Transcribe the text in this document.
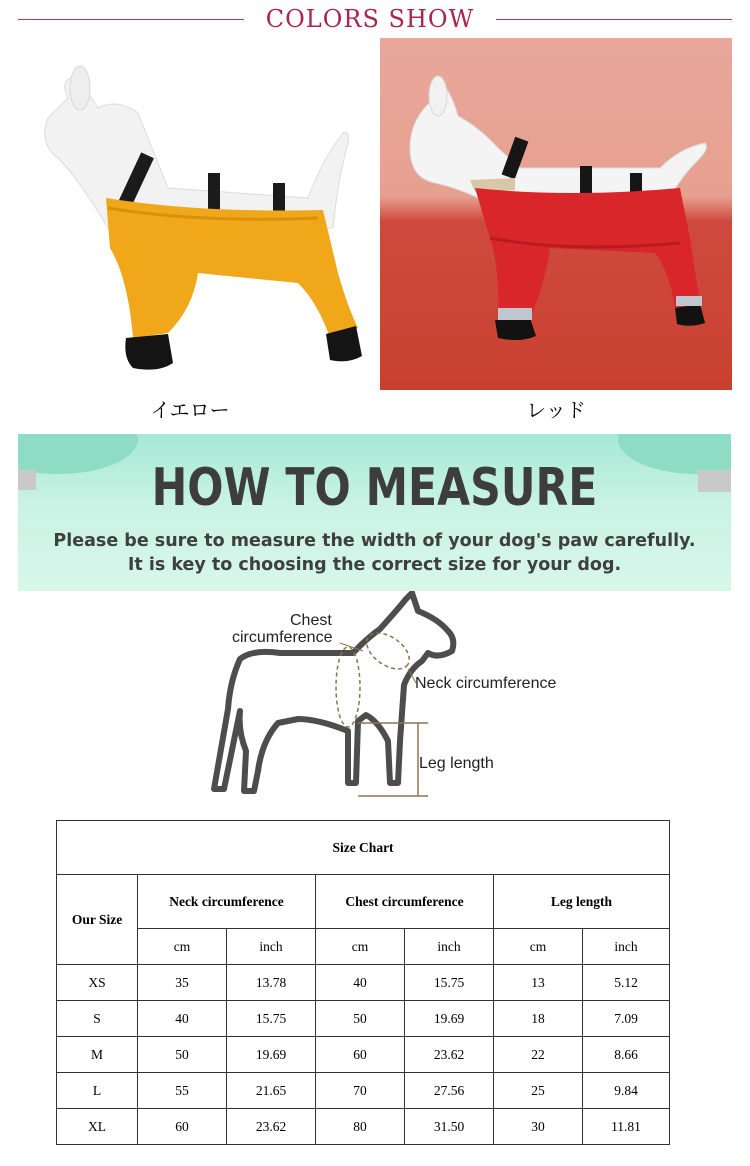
COLORS SHOW
イエロー	レッド
HOW TO MEASURE
Please be sure to measure the width of your dog's paw carefully.
It is key to choosing the correct size for your dog.
Chest
circumference
Neck circumference
Leg length
Size Chart						
Our Size	Neck circumference		Chest circumference		Leg length	
	cm	inch	cm	inch	cm	inch
XS	35	13.78	40	15.75	13	5.12
S	40	15.75	50	19.69	18	7.09
M	50	19.69	60	23.62	22	8.66
L	55	21.65	70	27.56	25	9.84
XL	60	23.62	80	31.50	30	11.81
